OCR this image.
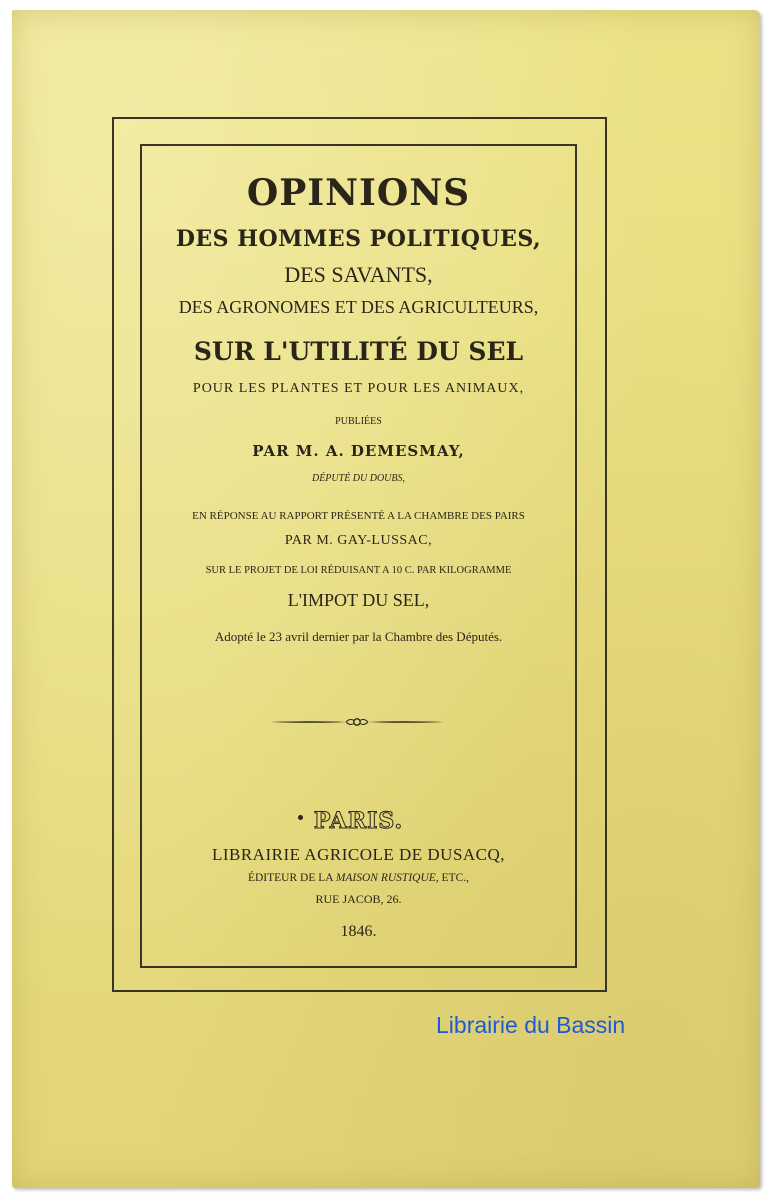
OPINIONS
DES HOMMES POLITIQUES,
DES SAVANTS,
DES AGRONOMES ET DES AGRICULTEURS,
SUR L'UTILITÉ DU SEL
POUR LES PLANTES ET POUR LES ANIMAUX,
PUBLIÉES
PAR M. A. DEMESMAY,
DÉPUTÉ DU DOUBS,
EN RÉPONSE AU RAPPORT PRÉSENTÉ A LA CHAMBRE DES PAIRS
PAR M. GAY-LUSSAC,
SUR LE PROJET DE LOI RÉDUISANT A 10 C. PAR KILOGRAMME
L'IMPOT DU SEL,
Adopté le 23 avril dernier par la Chambre des Députés.
PARIS.
LIBRAIRIE AGRICOLE DE DUSACQ,
ÉDITEUR DE LA MAISON RUSTIQUE, ETC.,
RUE JACOB, 26.
1846.
Librairie du Bassin
